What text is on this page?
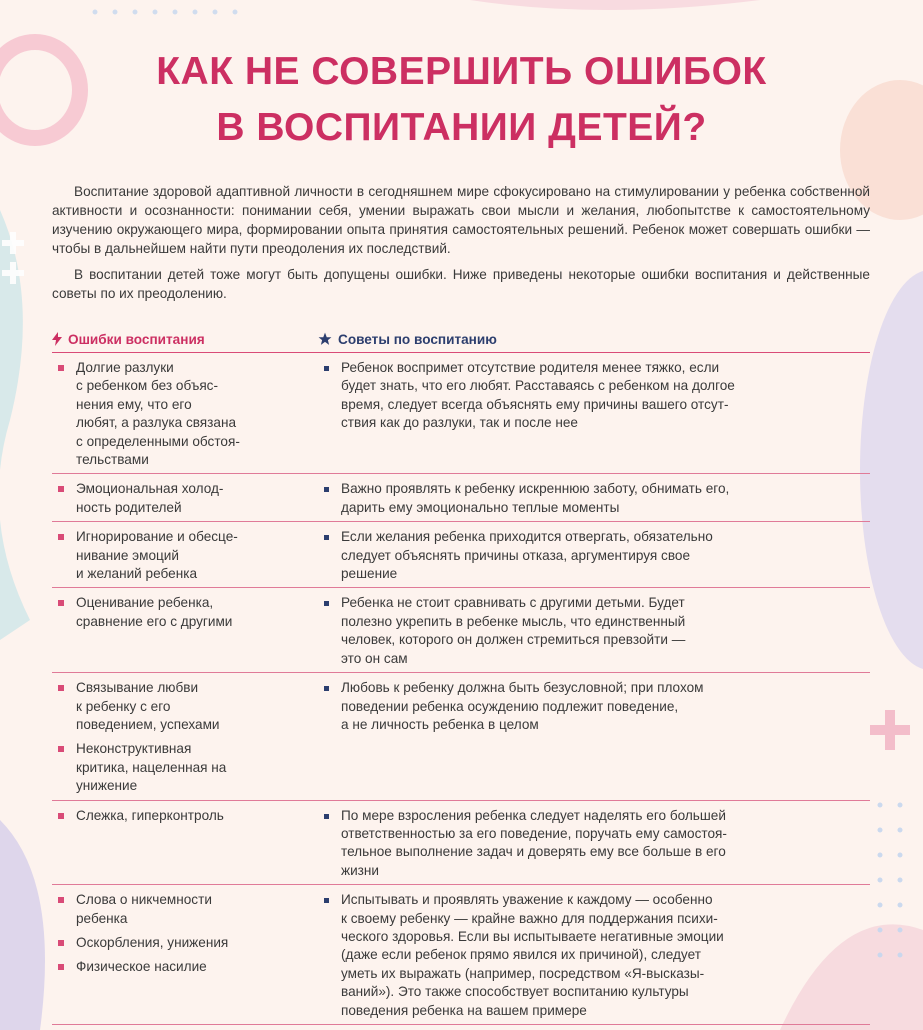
КАК НЕ СОВЕРШИТЬ ОШИБОК
В ВОСПИТАНИИ ДЕТЕЙ?

Воспитание здоровой адаптивной личности в сегодняшнем мире сфокусировано на стимулировании у ребенка собственной активности и осознанности: понимании себя, умении выражать свои мысли и желания, любопытстве к самостоятельному изучению окружающего мира, формировании опыта принятия самостоятельных решений. Ребенок может совершать ошибки — чтобы в дальнейшем найти пути преодоления их последствий.

В воспитании детей тоже могут быть допущены ошибки. Ниже приведены некоторые ошибки воспитания и действенные советы по их преодолению.

Ошибки воспитания	Советы по воспитанию
Долгие разлуки
с ребенком без объяс-
нения ему, что его
любят, а разлука связана
с определенными обстоя-
тельствами
Ребенок воспримет отсутствие родителя менее тяжко, если
будет знать, что его любят. Расставаясь с ребенком на долгое
время, следует всегда объяснять ему причины вашего отсут-
ствия как до разлуки, так и после нее
Эмоциональная холод-
ность родителей
Важно проявлять к ребенку искреннюю заботу, обнимать его,
дарить ему эмоционально теплые моменты
Игнорирование и обесце-
нивание эмоций
и желаний ребенка
Если желания ребенка приходится отвергать, обязательно
следует объяснять причины отказа, аргументируя свое
решение
Оценивание ребенка,
сравнение его с другими
Ребенка не стоит сравнивать с другими детьми. Будет
полезно укрепить в ребенке мысль, что единственный
человек, которого он должен стремиться превзойти —
это он сам
Связывание любви
к ребенку с его
поведением, успехами
Неконструктивная
критика, нацеленная на
унижение
Любовь к ребенку должна быть безусловной; при плохом
поведении ребенка осуждению подлежит поведение,
а не личность ребенка в целом
Слежка, гиперконтроль	По мере взросления ребенка следует наделять его большей
ответственностью за его поведение, поручать ему самостоя-
тельное выполнение задач и доверять ему все больше в его
жизни
Слова о никчемности
ребенка
Оскорбления, унижения
Физическое насилие
Испытывать и проявлять уважение к каждому — особенно
к своему ребенку — крайне важно для поддержания психи-
ческого здоровья. Если вы испытываете негативные эмоции
(даже если ребенок прямо явился их причиной), следует
уметь их выражать (например, посредством «Я-высказы-
ваний»). Это также способствует воспитанию культуры
поведения ребенка на вашем примере
